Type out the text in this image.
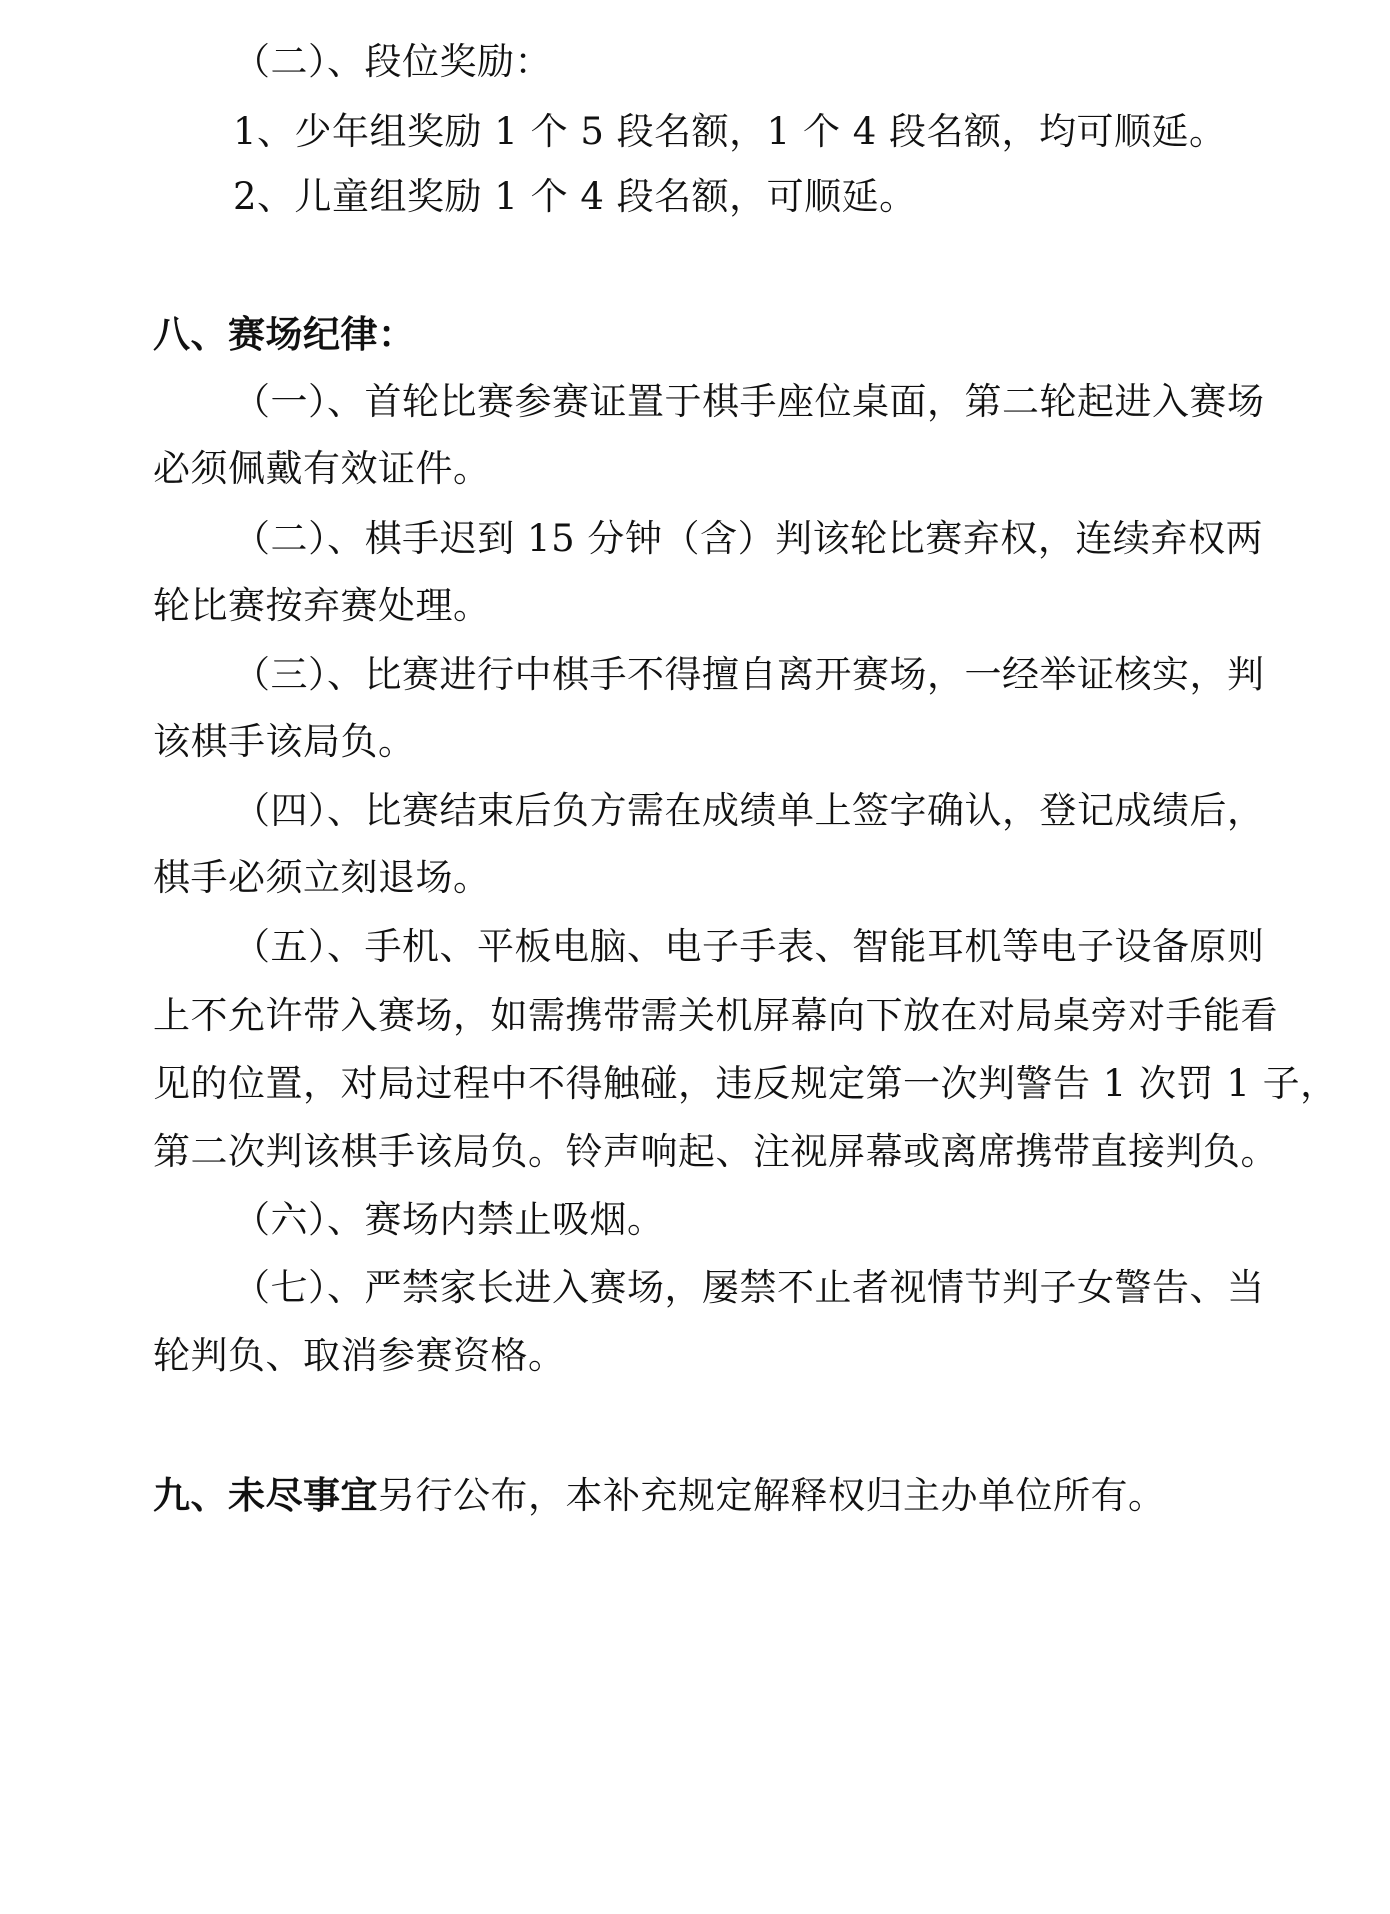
（二）、段位奖励：
1、少年组奖励 1 个 5 段名额，1 个 4 段名额，均可顺延。
2、儿童组奖励 1 个 4 段名额，可顺延。
八、赛场纪律：
（一）、首轮比赛参赛证置于棋手座位桌面，第二轮起进入赛场
必须佩戴有效证件。
（二）、棋手迟到 15 分钟（含）判该轮比赛弃权，连续弃权两
轮比赛按弃赛处理。
（三）、比赛进行中棋手不得擅自离开赛场，一经举证核实，判
该棋手该局负。
（四）、比赛结束后负方需在成绩单上签字确认，登记成绩后，
棋手必须立刻退场。
（五）、手机、平板电脑、电子手表、智能耳机等电子设备原则
上不允许带入赛场，如需携带需关机屏幕向下放在对局桌旁对手能看
见的位置，对局过程中不得触碰，违反规定第一次判警告 1 次罚 1 子，
第二次判该棋手该局负。铃声响起、注视屏幕或离席携带直接判负。
（六）、赛场内禁止吸烟。
（七）、严禁家长进入赛场，屡禁不止者视情节判子女警告、当
轮判负、取消参赛资格。
九、未尽事宜另行公布，本补充规定解释权归主办单位所有。
